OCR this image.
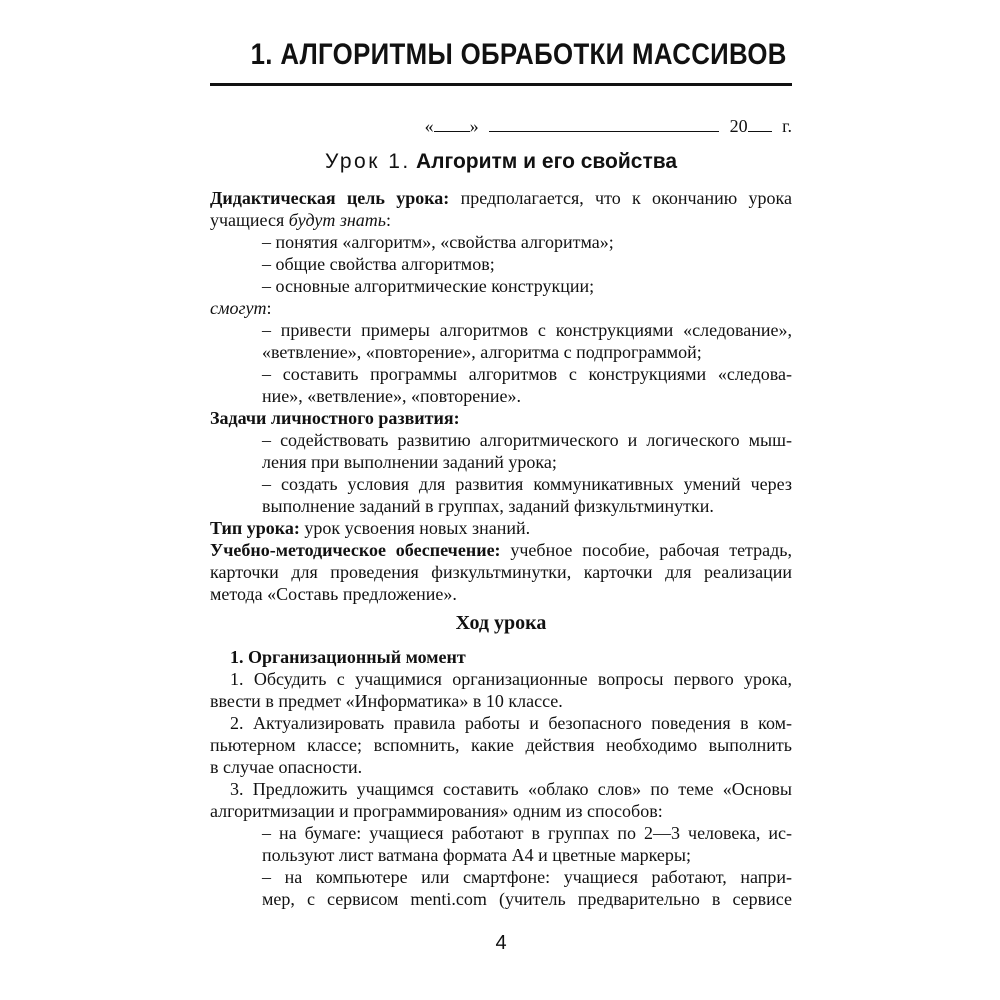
1. АЛГОРИТМЫ ОБРАБОТКИ МАССИВОВ
« »	20 г.
Урок 1. Алгоритм и его свойства
Дидактическая цель урока: предполагается, что к окончанию урока
учащиеся будут знать:
– понятия «алгоритм», «свойства алгоритма»;
– общие свойства алгоритмов;
– основные алгоритмические конструкции;
смогут:
– привести примеры алгоритмов с конструкциями «следование»,
«ветвление», «повторение», алгоритма с подпрограммой;
– составить программы алгоритмов с конструкциями «следова-
ние», «ветвление», «повторение».
Задачи личностного развития:
– содействовать развитию алгоритмического и логического мыш-
ления при выполнении заданий урока;
– создать условия для развития коммуникативных умений через
выполнение заданий в группах, заданий физкультминутки.
Тип урока: урок усвоения новых знаний.
Учебно-методическое обеспечение: учебное пособие, рабочая тетрадь,
карточки для проведения физкультминутки, карточки для реализации
метода «Составь предложение».
Ход урока
1. Организационный момент
1. Обсудить с учащимися организационные вопросы первого урока,
ввести в предмет «Информатика» в 10 классе.
2. Актуализировать правила работы и безопасного поведения в ком-
пьютерном классе; вспомнить, какие действия необходимо выполнить
в случае опасности.
3. Предложить учащимся составить «облако слов» по теме «Основы
алгоритмизации и программирования» одним из способов:
– на бумаге: учащиеся работают в группах по 2—3 человека, ис-
пользуют лист ватмана формата А4 и цветные маркеры;
– на компьютере или смартфоне: учащиеся работают, напри-
мер, с сервисом menti.com (учитель предварительно в сервисе
4
